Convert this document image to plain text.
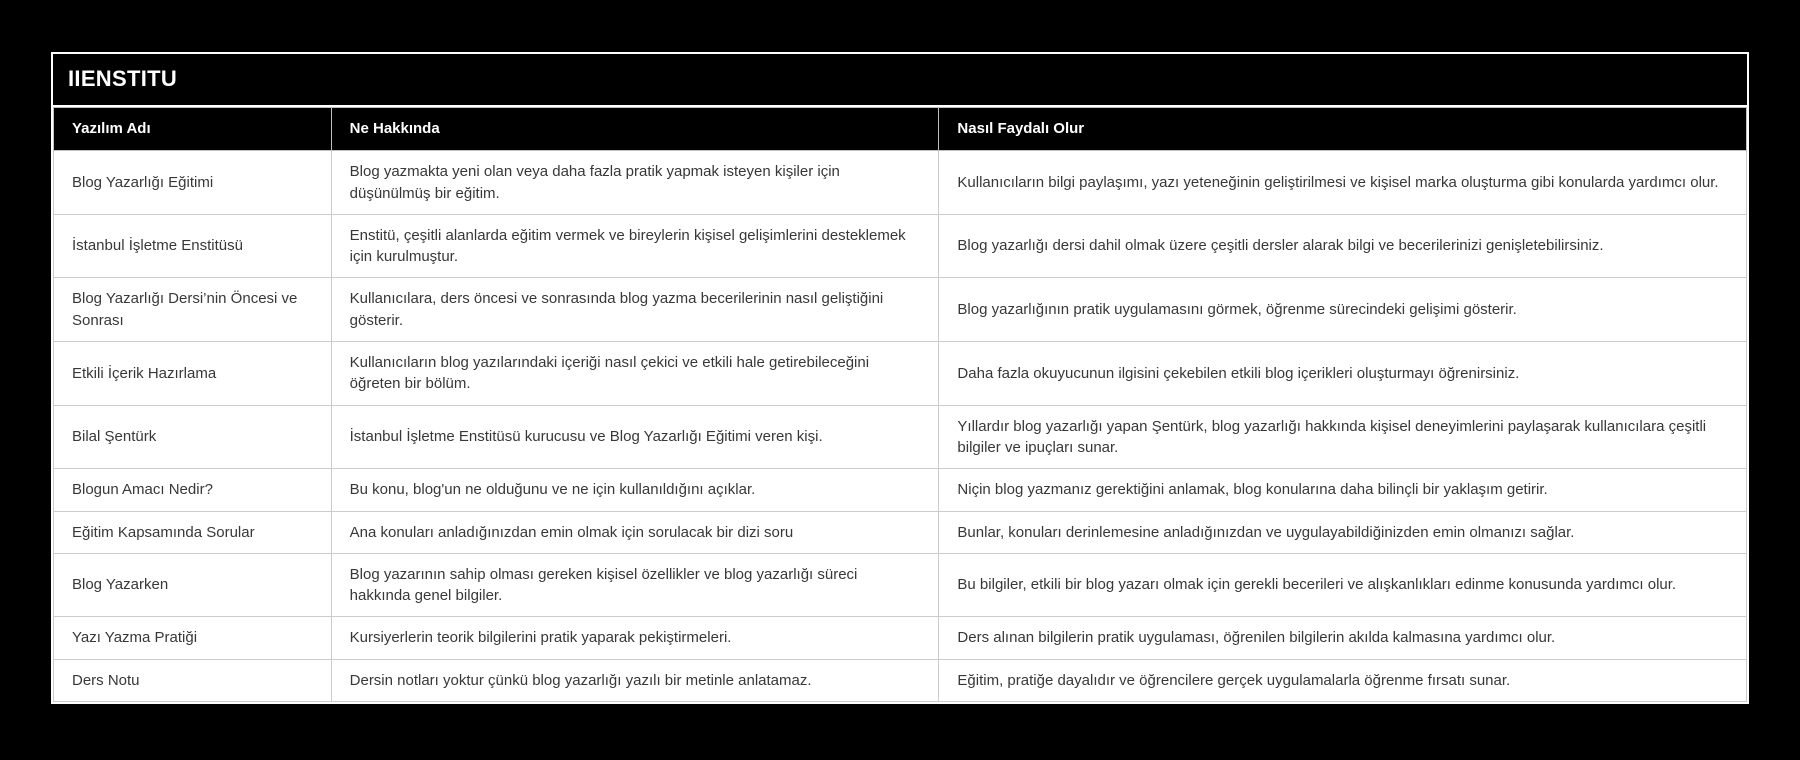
IIENSTITU
Yazılım Adı	Ne Hakkında	Nasıl Faydalı Olur
Blog Yazarlığı Eğitimi	Blog yazmakta yeni olan veya daha fazla pratik yapmak isteyen kişiler için düşünülmüş bir eğitim.	Kullanıcıların bilgi paylaşımı, yazı yeteneğinin geliştirilmesi ve kişisel marka oluşturma gibi konularda yardımcı olur.
İstanbul İşletme Enstitüsü	Enstitü, çeşitli alanlarda eğitim vermek ve bireylerin kişisel gelişimlerini desteklemek için kurulmuştur.	Blog yazarlığı dersi dahil olmak üzere çeşitli dersler alarak bilgi ve becerilerinizi genişletebilirsiniz.
Blog Yazarlığı Dersi’nin Öncesi ve Sonrası	Kullanıcılara, ders öncesi ve sonrasında blog yazma becerilerinin nasıl geliştiğini gösterir.	Blog yazarlığının pratik uygulamasını görmek, öğrenme sürecindeki gelişimi gösterir.
Etkili İçerik Hazırlama	Kullanıcıların blog yazılarındaki içeriği nasıl çekici ve etkili hale getirebileceğini öğreten bir bölüm.	Daha fazla okuyucunun ilgisini çekebilen etkili blog içerikleri oluşturmayı öğrenirsiniz.
Bilal Şentürk	İstanbul İşletme Enstitüsü kurucusu ve Blog Yazarlığı Eğitimi veren kişi.	Yıllardır blog yazarlığı yapan Şentürk, blog yazarlığı hakkında kişisel deneyimlerini paylaşarak kullanıcılara çeşitli bilgiler ve ipuçları sunar.
Blogun Amacı Nedir?	Bu konu, blog'un ne olduğunu ve ne için kullanıldığını açıklar.	Niçin blog yazmanız gerektiğini anlamak, blog konularına daha bilinçli bir yaklaşım getirir.
Eğitim Kapsamında Sorular	Ana konuları anladığınızdan emin olmak için sorulacak bir dizi soru	Bunlar, konuları derinlemesine anladığınızdan ve uygulayabildiğinizden emin olmanızı sağlar.
Blog Yazarken	Blog yazarının sahip olması gereken kişisel özellikler ve blog yazarlığı süreci hakkında genel bilgiler.	Bu bilgiler, etkili bir blog yazarı olmak için gerekli becerileri ve alışkanlıkları edinme konusunda yardımcı olur.
Yazı Yazma Pratiği	Kursiyerlerin teorik bilgilerini pratik yaparak pekiştirmeleri.	Ders alınan bilgilerin pratik uygulaması, öğrenilen bilgilerin akılda kalmasına yardımcı olur.
Ders Notu	Dersin notları yoktur çünkü blog yazarlığı yazılı bir metinle anlatamaz.	Eğitim, pratiğe dayalıdır ve öğrencilere gerçek uygulamalarla öğrenme fırsatı sunar.
